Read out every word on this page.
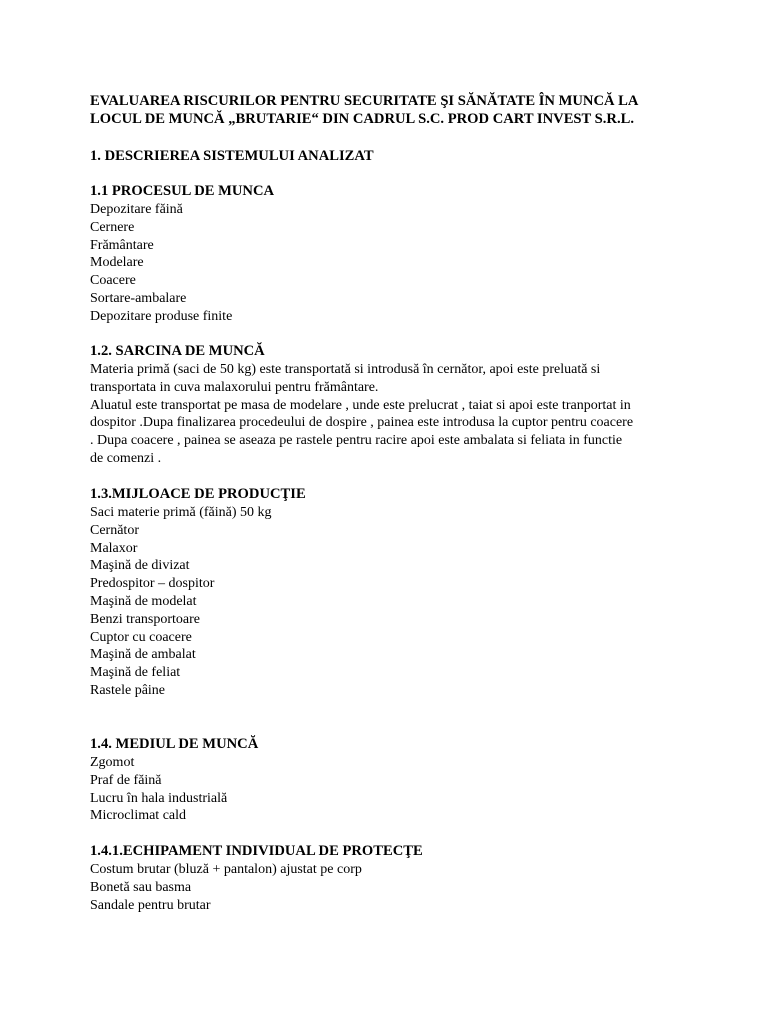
EVALUAREA RISCURILOR PENTRU SECURITATE ŞI SĂNĂTATE ÎN MUNCĂ LA
LOCUL DE MUNCĂ „BRUTARIE“ DIN CADRUL S.C. PROD CART INVEST S.R.L.
1. DESCRIEREA SISTEMULUI ANALIZAT
1.1 PROCESUL DE MUNCA
Depozitare făină
Cernere
Frământare
Modelare
Coacere
Sortare-ambalare
Depozitare produse finite
1.2. SARCINA DE MUNCĂ
Materia primă (saci de 50 kg) este transportată si introdusă în cernător, apoi este preluată si
transportata in cuva malaxorului pentru frământare.
Aluatul este transportat pe masa de modelare , unde este prelucrat , taiat si apoi este tranportat in
dospitor .Dupa finalizarea procedeului de dospire , painea este introdusa la cuptor pentru coacere
. Dupa coacere , painea se aseaza pe rastele pentru racire apoi este ambalata si feliata in functie
de comenzi .
1.3.MIJLOACE DE PRODUCŢIE
Saci materie primă (făină) 50 kg
Cernător
Malaxor
Maşină de divizat
Predospitor – dospitor
Maşină de modelat
Benzi transportoare
Cuptor cu coacere
Maşină de ambalat
Maşină de feliat
Rastele pâine
1.4. MEDIUL DE MUNCĂ
Zgomot
Praf de făină
Lucru în hala industrială
Microclimat cald
1.4.1.ECHIPAMENT INDIVIDUAL DE PROTECŢE
Costum brutar (bluză + pantalon) ajustat pe corp
Bonetă sau basma
Sandale pentru brutar
